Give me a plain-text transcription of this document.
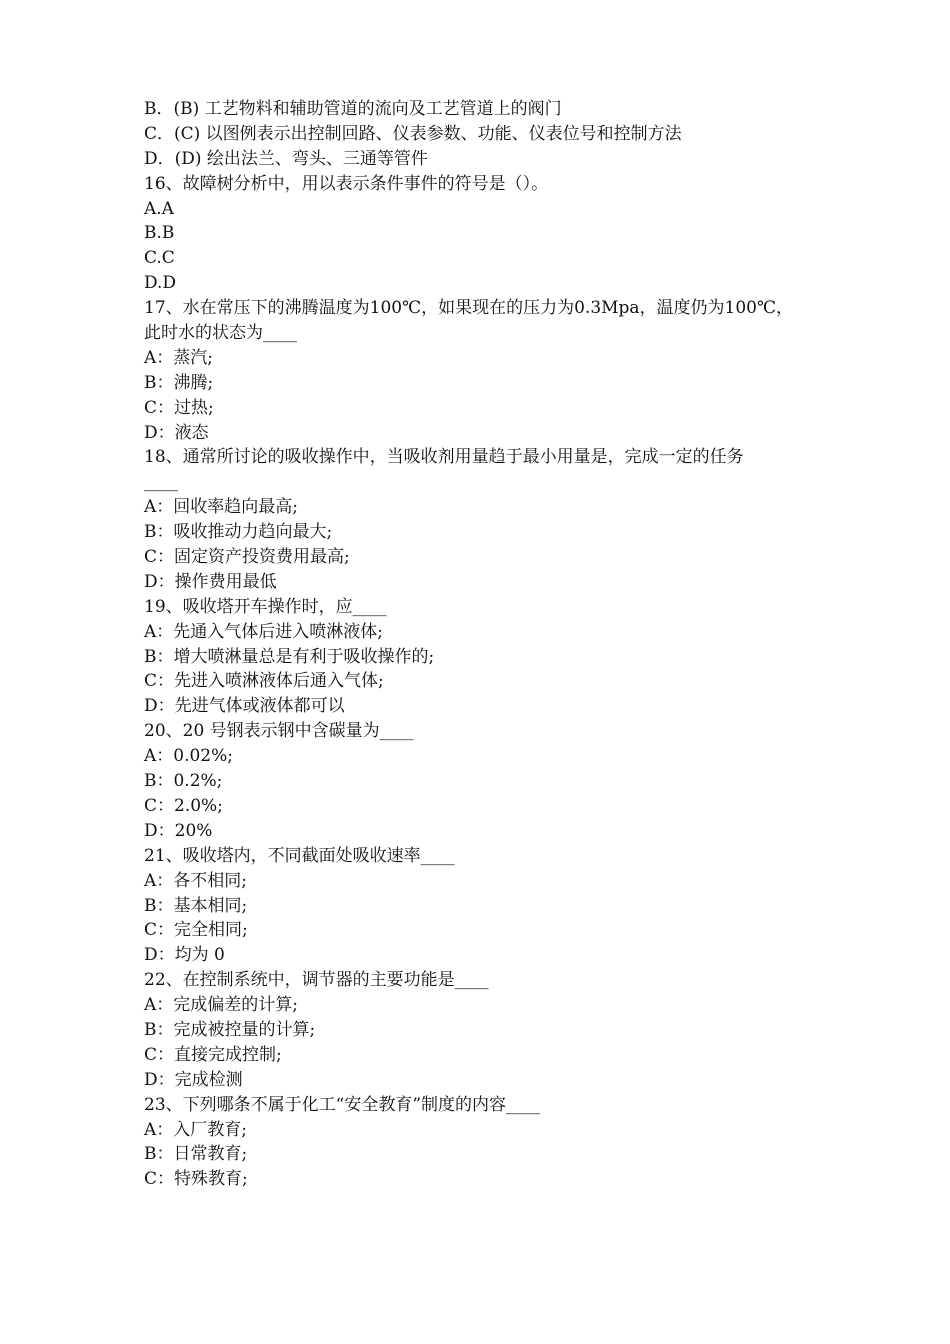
B．(B) 工艺物料和辅助管道的流向及工艺管道上的阀门
C．(C) 以图例表示出控制回路、仪表参数、功能、仪表位号和控制方法
D．(D) 绘出法兰、弯头、三通等管件
16、故障树分析中，用以表示条件事件的符号是（）。
A.A
B.B
C.C
D.D
17、水在常压下的沸腾温度为100℃，如果现在的压力为0.3Mpa，温度仍为100℃，
此时水的状态为____
A：蒸汽;
B：沸腾;
C：过热;
D：液态
18、通常所讨论的吸收操作中，当吸收剂用量趋于最小用量是，完成一定的任务
____
A：回收率趋向最高;
B：吸收推动力趋向最大;
C：固定资产投资费用最高;
D：操作费用最低
19、吸收塔开车操作时，应____
A：先通入气体后进入喷淋液体;
B：增大喷淋量总是有利于吸收操作的;
C：先进入喷淋液体后通入气体;
D：先进气体或液体都可以
20、20 号钢表示钢中含碳量为____
A：0.02%;
B：0.2%;
C：2.0%;
D：20%
21、吸收塔内，不同截面处吸收速率____
A：各不相同;
B：基本相同;
C：完全相同;
D：均为 0
22、在控制系统中，调节器的主要功能是____
A：完成偏差的计算;
B：完成被控量的计算;
C：直接完成控制;
D：完成检测
23、下列哪条不属于化工“安全教育”制度的内容____
A：入厂教育;
B：日常教育;
C：特殊教育;
